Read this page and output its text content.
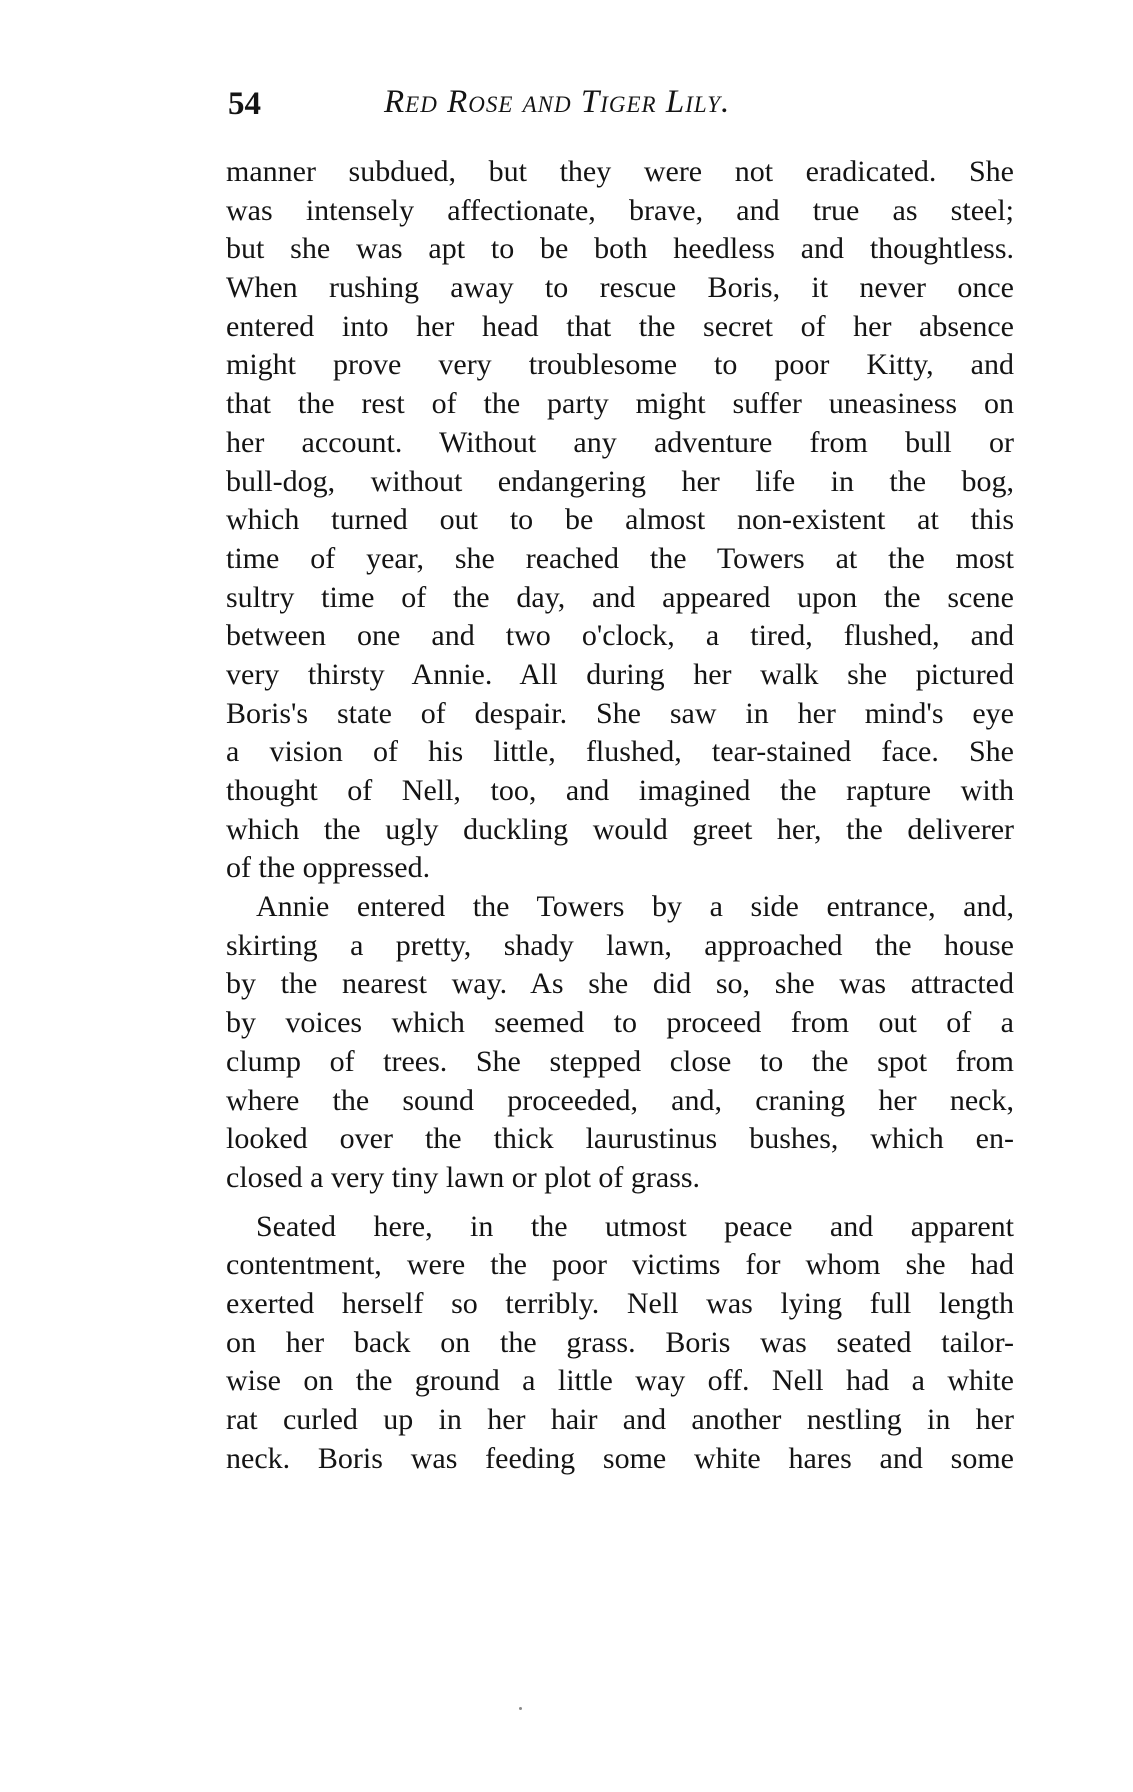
54	Red Rose and Tiger Lily.
manner subdued, but they were not eradicated. She
was intensely affectionate, brave, and true as steel;
but she was apt to be both heedless and thoughtless.
When rushing away to rescue Boris, it never once
entered into her head that the secret of her absence
might prove very troublesome to poor Kitty, and
that the rest of the party might suffer uneasiness on
her account. Without any adventure from bull or
bull-dog, without endangering her life in the bog,
which turned out to be almost non-existent at this
time of year, she reached the Towers at the most
sultry time of the day, and appeared upon the scene
between one and two o'clock, a tired, flushed, and
very thirsty Annie. All during her walk she pictured
Boris's state of despair. She saw in her mind's eye
a vision of his little, flushed, tear-stained face. She
thought of Nell, too, and imagined the rapture with
which the ugly duckling would greet her, the deliverer
of the oppressed.
Annie entered the Towers by a side entrance, and,
skirting a pretty, shady lawn, approached the house
by the nearest way. As she did so, she was attracted
by voices which seemed to proceed from out of a
clump of trees. She stepped close to the spot from
where the sound proceeded, and, craning her neck,
looked over the thick laurustinus bushes, which en-
closed a very tiny lawn or plot of grass.
Seated here, in the utmost peace and apparent
contentment, were the poor victims for whom she had
exerted herself so terribly. Nell was lying full length
on her back on the grass. Boris was seated tailor-
wise on the ground a little way off. Nell had a white
rat curled up in her hair and another nestling in her
neck. Boris was feeding some white hares and some
